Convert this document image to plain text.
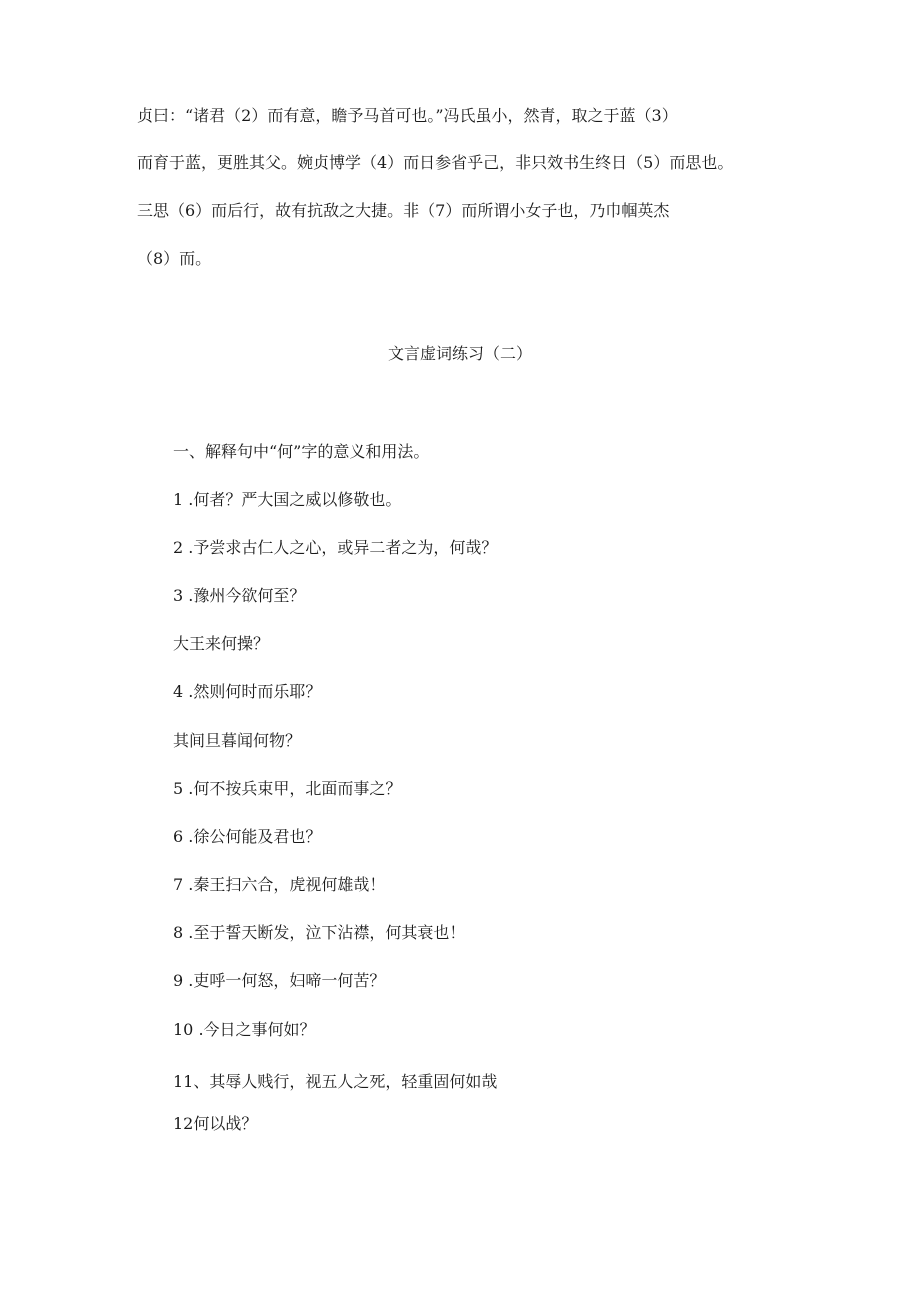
贞曰：“诸君（2）而有意，瞻予马首可也。”冯氏虽小，然青，取之于蓝（3）
而育于蓝，更胜其父。婉贞博学（4）而日参省乎己，非只效书生终日（5）而思也。
三思（6）而后行，故有抗敌之大捷。非（7）而所谓小女子也，乃巾帼英杰
（8）而。
文言虚词练习（二）
一、解释句中“何”字的意义和用法。
1 .何者？严大国之威以修敬也。
2 .予尝求古仁人之心，或异二者之为，何哉？
3 .豫州今欲何至？
大王来何操？
4 .然则何时而乐耶？
其间旦暮闻何物？
5 .何不按兵束甲，北面而事之？
6 .徐公何能及君也？
7 .秦王扫六合，虎视何雄哉！
8 .至于誓天断发，泣下沾襟，何其衰也！
9 .吏呼一何怒，妇啼一何苦？
10 .今日之事何如？
11、其辱人贱行，视五人之死，轻重固何如哉
12何以战？
